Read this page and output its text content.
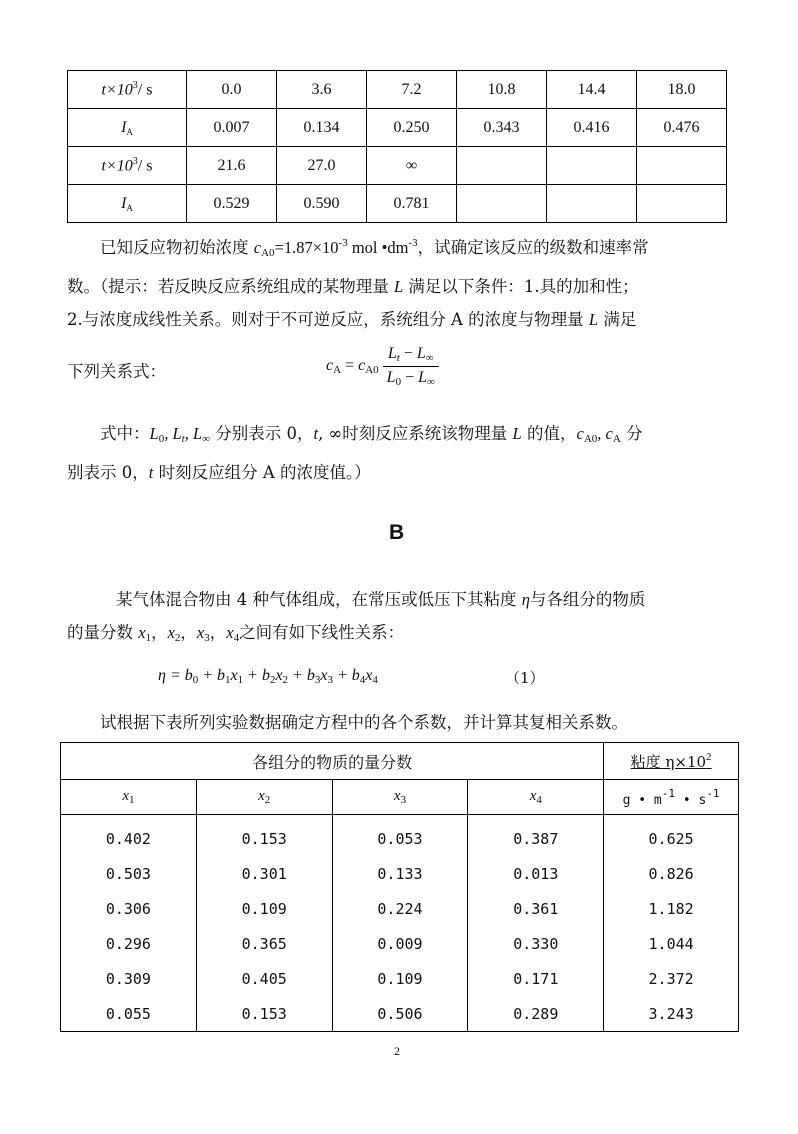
$t\times 10^3/$ s	0.0	3.6	7.2	10.8	14.4	18.0
IA	0.007	0.134	0.250	0.343	0.416	0.476
$t\times 10^3/$ s	21.6	27.0	∞			
IA	0.529	0.590	0.781			
已知反应物初始浓度 $c_{A0}=1.87\times 10^{-3}$ mol $•dm^{-3}$，试确定该反应的级数和速率常
数。（提示：若反映反应系统组成的某物理量 L 满足以下条件：1.具的加和性；
2.与浓度成线性关系。则对于不可逆反应，系统组分 A 的浓度与物理量 L 满足
下列关系式：	$c_A = c_{A0} \frac{L_t - L_\infty}{L_0 - L_\infty}$
式中：$L_0$, $L_t$, $L_\infty$ 分别表示 0，t, ∞时刻反应系统该物理量 L 的值，$c_{A0}$, $c_A$ 分
别表示 0，t 时刻反应组分 A 的浓度值。）
B
某气体混合物由 4 种气体组成，在常压或低压下其粘度 η与各组分的物质
的量分数 $x_1$，$x_2$，$x_3$，$x_4$之间有如下线性关系：
$\eta = b_0 + b_1x_1 + b_2x_2 + b_3x_3 + b_4x_4$	（1）
试根据下表所列实验数据确定方程中的各个系数，并计算其复相关系数。
各组分的物质的量分数				粘度 $\eta\times 10^2$
$x_1$	$x_2$	$x_3$	$x_4$	g • $m^{-1}$ • $s^{-1}$
0.402	0.153	0.053	0.387	0.625
0.503	0.301	0.133	0.013	0.826
0.306	0.109	0.224	0.361	1.182
0.296	0.365	0.009	0.330	1.044
0.309	0.405	0.109	0.171	2.372
0.055	0.153	0.506	0.289	3.243
2
